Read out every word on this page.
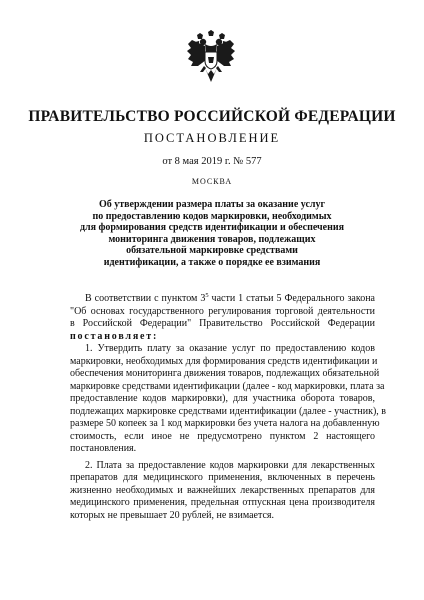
ПРАВИТЕЛЬСТВО РОССИЙСКОЙ ФЕДЕРАЦИИ
ПОСТАНОВЛЕНИЕ
от 8 мая 2019 г. № 577
МОСКВА
Об утверждении размера платы за оказание услуг
по предоставлению кодов маркировки, необходимых
для формирования средств идентификации и обеспечения
мониторинга движения товаров, подлежащих
обязательной маркировке средствами
идентификации, а также о порядке ее взимания
В соответствии с пунктом $3^5$ части 1 статьи 5 Федерального закона
"Об основах государственного регулирования торговой деятельности
в Российской Федерации" Правительство Российской Федерации
постановляет:
1. Утвердить плату за оказание услуг по предоставлению кодов
маркировки, необходимых для формирования средств идентификации и
обеспечения мониторинга движения товаров, подлежащих обязательной
маркировке средствами идентификации (далее - код маркировки, плата за
предоставление кодов маркировки), для участника оборота товаров,
подлежащих маркировке средствами идентификации (далее - участник), в
размере 50 копеек за 1 код маркировки без учета налога на добавленную
стоимость, если иное не предусмотрено пунктом 2 настоящего
постановления.
2. Плата за предоставление кодов маркировки для лекарственных
препаратов для медицинского применения, включенных в перечень
жизненно необходимых и важнейших лекарственных препаратов для
медицинского применения, предельная отпускная цена производителя
которых не превышает 20 рублей, не взимается.
